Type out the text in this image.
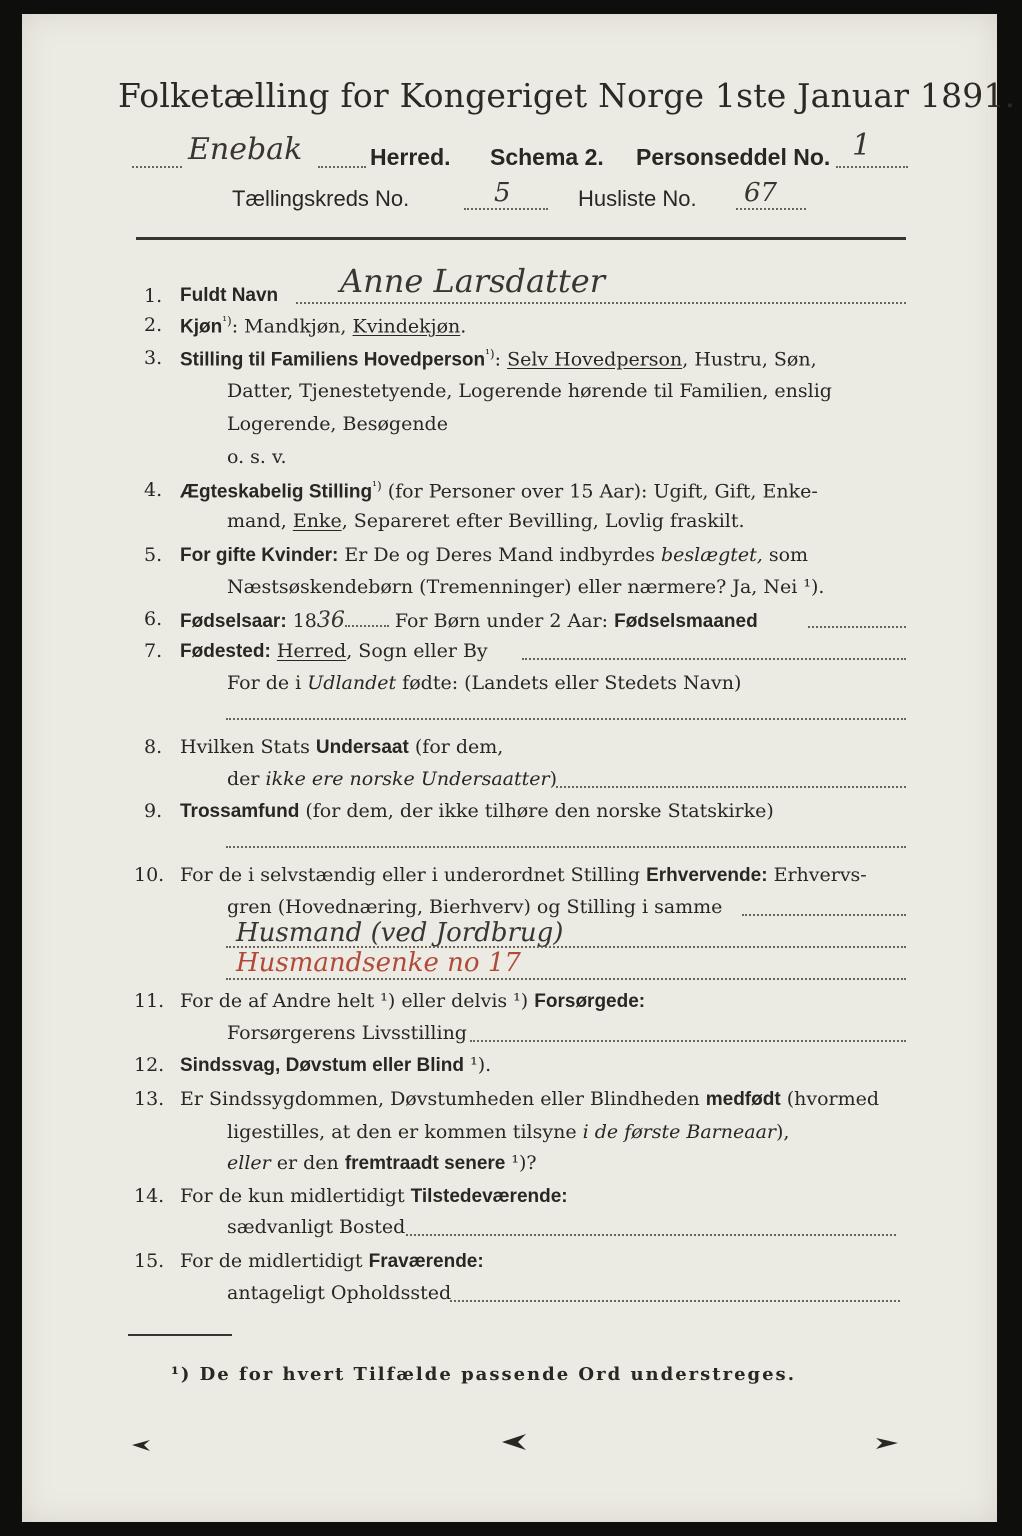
Folketælling for Kongeriget Norge 1ste Januar 1891.
Enebak	Herred. Schema 2. Personseddel No. 1
Tællingskreds No.	5	Husliste No. 67
1. Fuldt Navn Anne Larsdatter
2. Kjøn$^{^1)}$: Mandkjøn, Kvindekjøn.
3. Stilling til Familiens Hovedperson$^{^1)}$: Selv Hovedperson, Hustru, Søn,
Datter, Tjenestetyende, Logerende hørende til Familien, enslig
Logerende, Besøgende
o. s. v.
4. Ægteskabelig Stilling$^{^1)}$ (for Personer over 15 Aar): Ugift, Gift, Enke-
mand, Enke, Separeret efter Bevilling, Lovlig fraskilt.
5. For gifte Kvinder: Er De og Deres Mand indbyrdes beslægtet, som
Næstsøskendebørn (Tremenninger) eller nærmere? Ja, Nei ¹).
6. Fødselsaar: 1836 For Børn under 2 Aar: Fødselsmaaned
7. Fødested: Herred, Sogn eller By
For de i Udlandet fødte: (Landets eller Stedets Navn)
8. Hvilken Stats Undersaat (for dem,
der ikke ere norske Undersaatter)
9. Trossamfund (for dem, der ikke tilhøre den norske Statskirke)
10. For de i selvstændig eller i underordnet Stilling Erhvervende: Erhvervs-
gren (Hovednæring, Bierhverv) og Stilling i samme
Husmand (ved Jordbrug)
Husmandsenke no 17
11. For de af Andre helt ¹) eller delvis ¹) Forsørgede:
Forsørgerens Livsstilling
12. Sindssvag, Døvstum eller Blind ¹).
13. Er Sindssygdommen, Døvstumheden eller Blindheden medfødt (hvormed
ligestilles, at den er kommen tilsyne i de første Barneaar),
eller er den fremtraadt senere ¹)?
14. For de kun midlertidigt Tilstedeværende:
sædvanligt Bosted
15. For de midlertidigt Fraværende:
antageligt Opholdssted
¹) De for hvert Tilfælde passende Ord understreges.
